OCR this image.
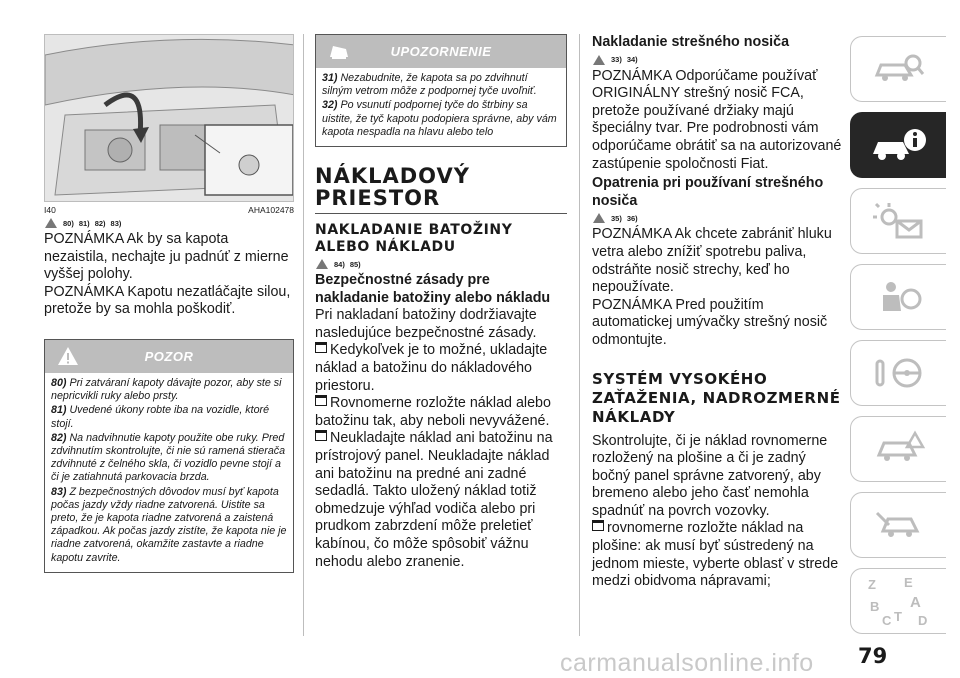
I40	AHA102478
80) 81) 82) 83)

POZNÁMKA Ak by sa kapota nezaistila, nechajte ju padnúť z mierne vyššej polohy.

POZNÁMKA Kapotu nezatláčajte silou, pretože by sa mohla poškodiť.

POZOR

80) Pri zatváraní kapoty dávajte pozor, aby ste si nepricvikli ruky alebo prsty.

81) Uvedené úkony robte iba na vozidle, ktoré stojí.

82) Na nadvihnutie kapoty použite obe ruky. Pred zdvihnutím skontrolujte, či nie sú ramená stierača zdvihnuté z čelného skla, či vozidlo pevne stojí a či je zatiahnutá parkovacia brzda.

83) Z bezpečnostných dôvodov musí byť kapota počas jazdy vždy riadne zatvorená. Uistite sa preto, že je kapota riadne zatvorená a zaistená západkou. Ak počas jazdy zistíte, že kapota nie je riadne zatvorená, okamžite zastavte a riadne kapotu zavrite.

UPOZORNENIE

31) Nezabudnite, že kapota sa po zdvihnutí silným vetrom môže z podpornej tyče uvoľniť.

32) Po vsunutí podpornej tyče do štrbiny sa uistite, že tyč kapotu podopiera správne, aby vám kapota nespadla na hlavu alebo telo

NÁKLADOVÝ PRIESTOR
NAKLADANIE BATOŽINY ALEBO NÁKLADU
84) 85)
Bezpečnostné zásady pre nakladanie batožiny alebo nákladu

Pri nakladaní batožiny dodržiavajte nasledujúce bezpečnostné zásady.

Kedykoľvek je to možné, ukladajte náklad a batožinu do nákladového priestoru.

Rovnomerne rozložte náklad alebo batožinu tak, aby neboli nevyvážené.

Neukladajte náklad ani batožinu na prístrojový panel. Neukladajte náklad ani batožinu na predné ani zadné sedadlá. Takto uložený náklad totiž obmedzuje výhľad vodiča alebo pri prudkom zabrzdení môže preletieť kabínou, čo môže spôsobiť vážnu nehodu alebo zranenie.

Nakladanie strešného nosiča
33) 34)

POZNÁMKA Odporúčame používať ORIGINÁLNY strešný nosič FCA, pretože používané držiaky majú špeciálny tvar. Pre podrobnosti vám odporúčame obrátiť sa na autorizované zastúpenie spoločnosti Fiat.

Opatrenia pri používaní strešného nosiča
35) 36)

POZNÁMKA Ak chcete zabrániť hluku vetra alebo znížiť spotrebu paliva, odstráňte nosič strechy, keď ho nepoužívate.

POZNÁMKA Pred použitím automatickej umývačky strešný nosič odmontujte.

SYSTÉM VYSOKÉHO ZAŤAŽENIA, NADROZMERNÉ NÁKLADY

Skontrolujte, či je náklad rovnomerne rozložený na plošine a či je zadný bočný panel správne zatvorený, aby bremeno alebo jeho časť nemohla spadnúť na povrch vozovky.

rovnomerne rozložte náklad na plošine: ak musí byť sústredený na jednom mieste, vyberte oblasť v strede medzi obidvoma nápravami;	Z E
B A
C T D
carmanualsonline.info 79
